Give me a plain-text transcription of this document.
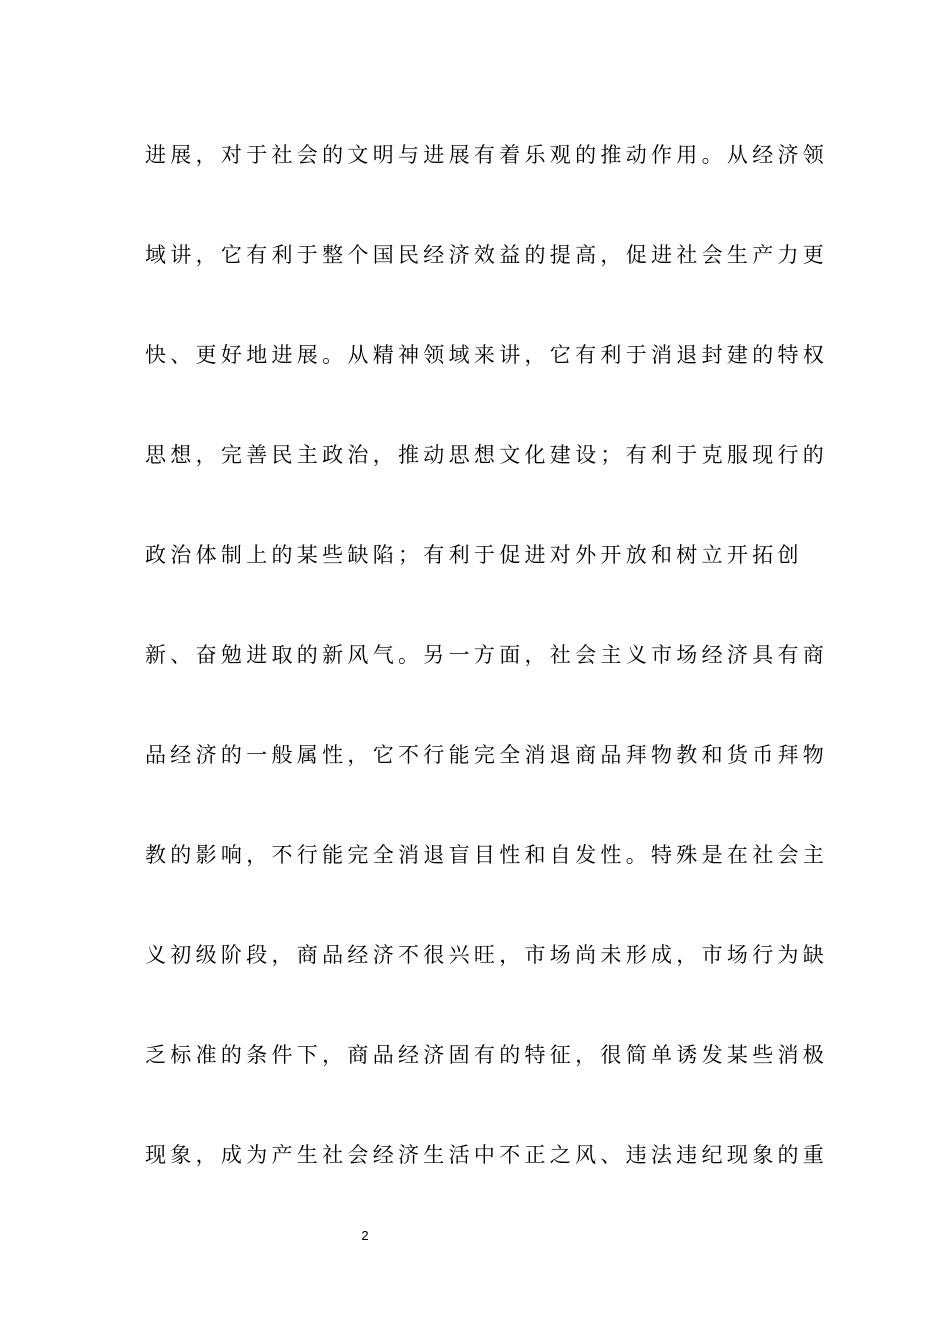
进展，对于社会的文明与进展有着乐观的推动作用。从经济领

域讲，它有利于整个国民经济效益的提高，促进社会生产力更

快、更好地进展。从精神领域来讲，它有利于消退封建的特权

思想，完善民主政治，推动思想文化建设；有利于克服现行的

政治体制上的某些缺陷；有利于促进对外开放和树立开拓创

新、奋勉进取的新风气。另一方面，社会主义市场经济具有商

品经济的一般属性，它不行能完全消退商品拜物教和货币拜物

教的影响，不行能完全消退盲目性和自发性。特殊是在社会主

义初级阶段，商品经济不很兴旺，市场尚未形成，市场行为缺

乏标准的条件下，商品经济固有的特征，很简单诱发某些消极

现象，成为产生社会经济生活中不正之风、违法违纪现象的重

2
